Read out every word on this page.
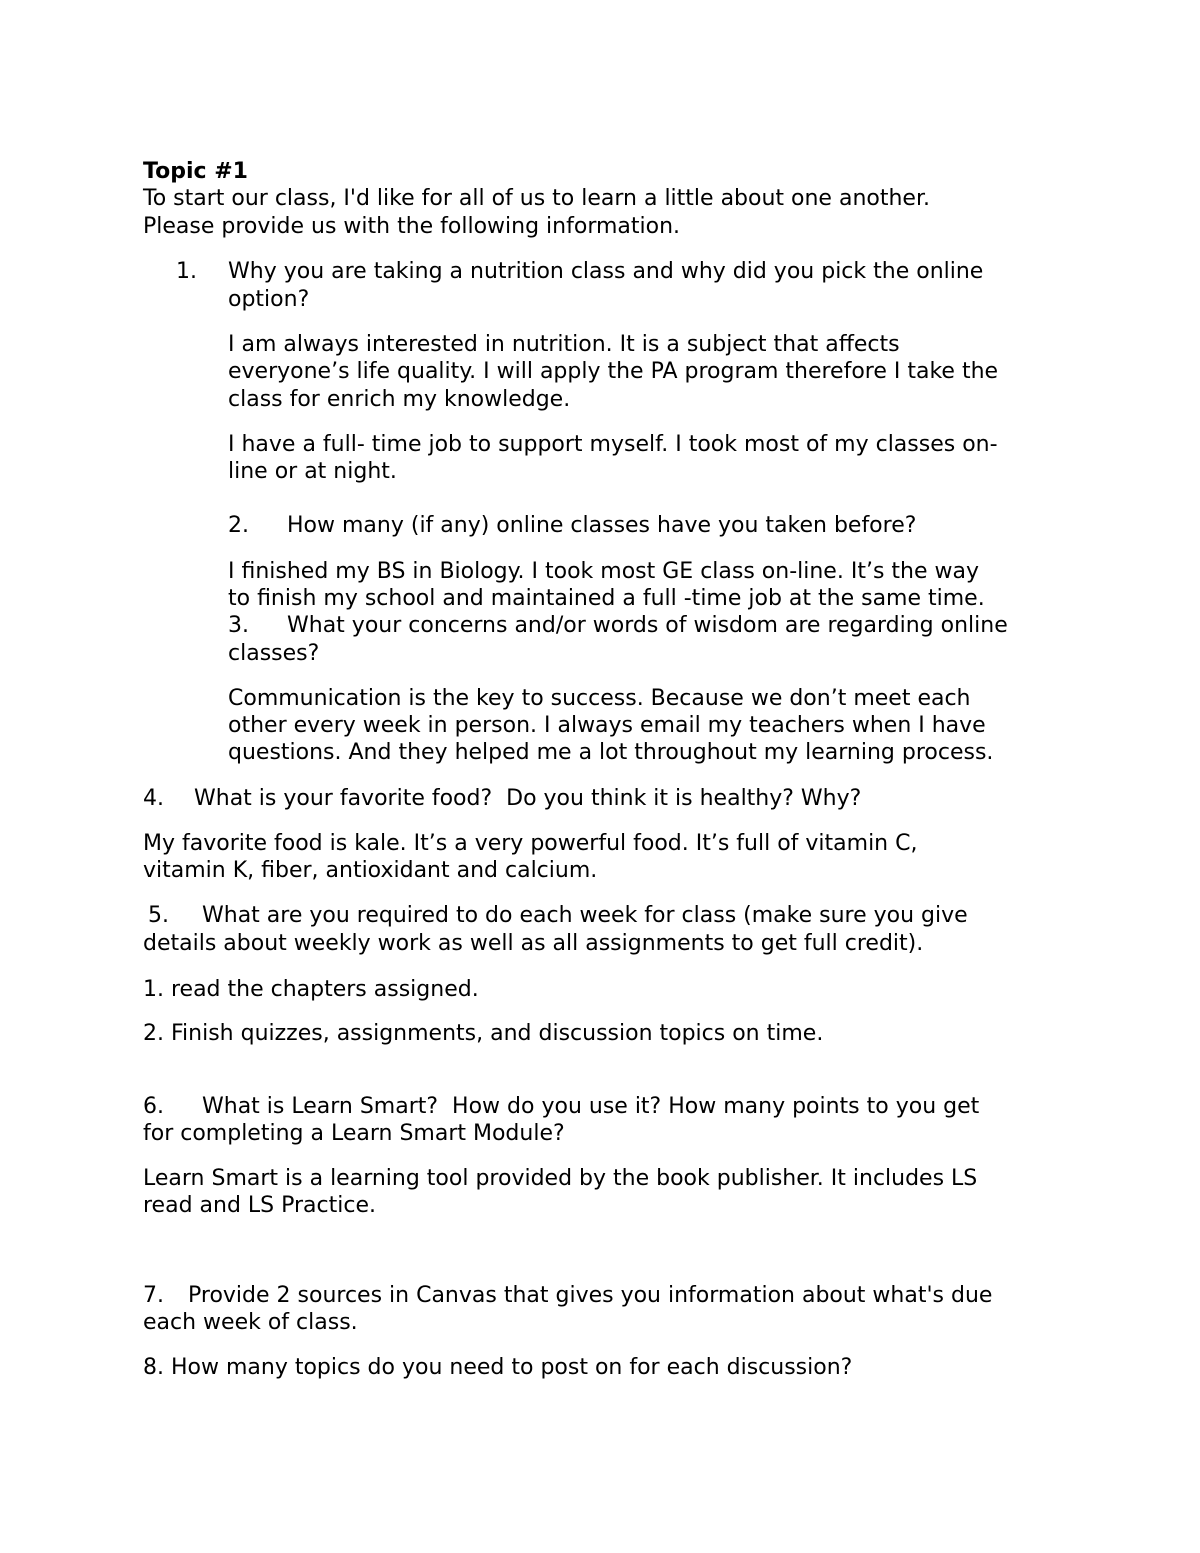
Topic #1
To start our class, I'd like for all of us to learn a little about one another.
Please provide us with the following information.
1. Why you are taking a nutrition class and why did you pick the online
option?
I am always interested in nutrition. It is a subject that affects
everyone’s life quality. I will apply the PA program therefore I take the
class for enrich my knowledge.
I have a full- time job to support myself. I took most of my classes on-
line or at night.
2. How many (if any) online classes have you taken before?
I finished my BS in Biology. I took most GE class on-line. It’s the way
to finish my school and maintained a full -time job at the same time.
3. What your concerns and/or words of wisdom are regarding online
classes?
Communication is the key to success. Because we don’t meet each
other every week in person. I always email my teachers when I have
questions. And they helped me a lot throughout my learning process.
4. What is your favorite food?  Do you think it is healthy? Why?
My favorite food is kale. It’s a very powerful food. It’s full of vitamin C,
vitamin K, fiber, antioxidant and calcium.
5. What are you required to do each week for class (make sure you give
details about weekly work as well as all assignments to get full credit).
1. read the chapters assigned.
2. Finish quizzes, assignments, and discussion topics on time.
6. What is Learn Smart?  How do you use it? How many points to you get
for completing a Learn Smart Module?
Learn Smart is a learning tool provided by the book publisher. It includes LS
read and LS Practice.
7. Provide 2 sources in Canvas that gives you information about what's due
each week of class.
8. How many topics do you need to post on for each discussion?
